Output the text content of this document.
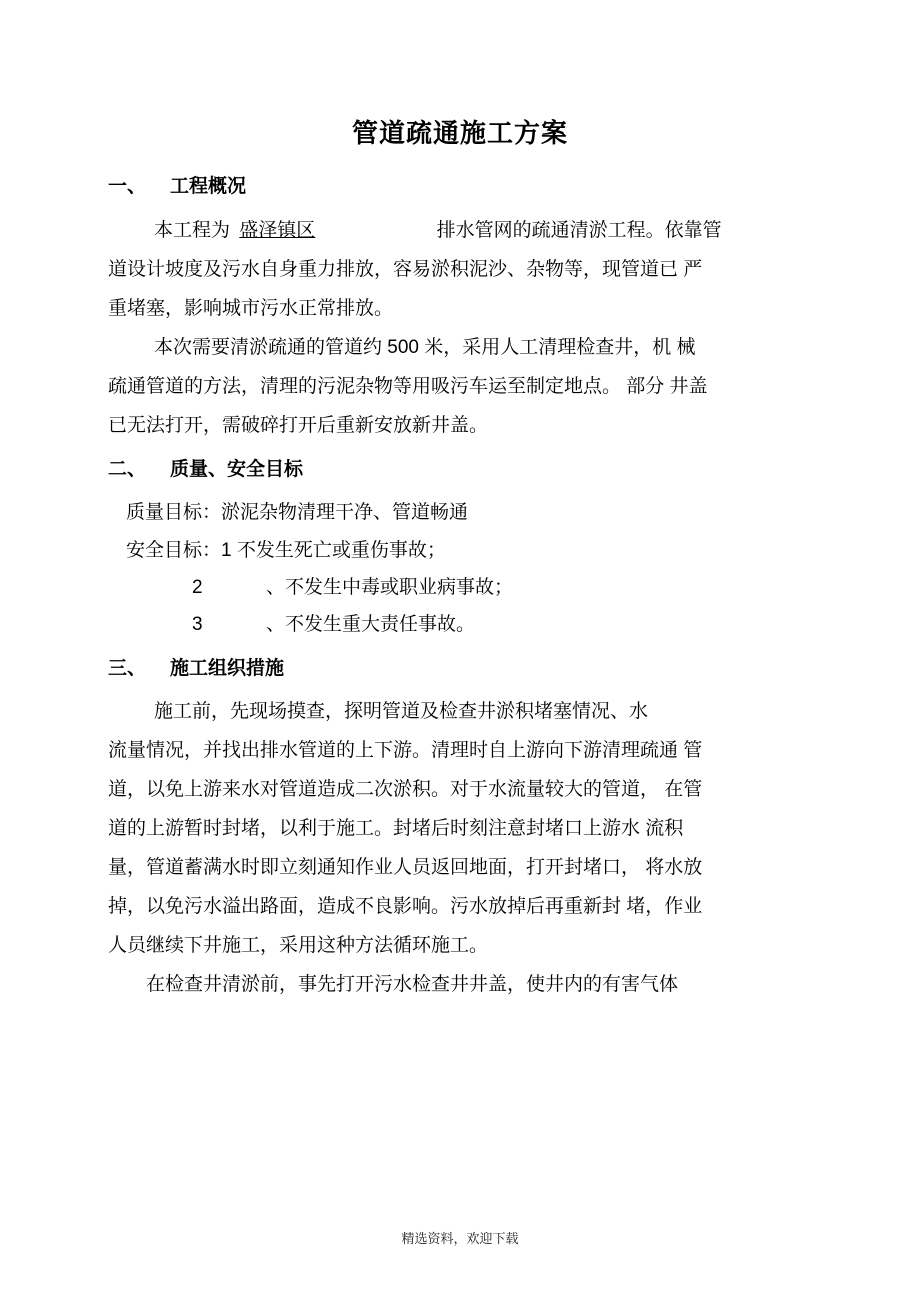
管道疏通施工方案
一、 工程概况

本工程为 盛泽镇区	排水管网的疏通清淤工程。依靠管

道设计坡度及污水自身重力排放，容易淤积泥沙、杂物等，现管道已 严

重堵塞，影响城市污水正常排放。

本次需要清淤疏通的管道约 500 米，采用人工清理检查井，机 械

疏通管道的方法，清理的污泥杂物等用吸污车运至制定地点。 部分 井盖

已无法打开，需破碎打开后重新安放新井盖。

二、 质量、安全目标

质量目标：淤泥杂物清理干净、管道畅通

安全目标：1 不发生死亡或重伤事故；

2	、不发生中毒或职业病事故；

3	、不发生重大责任事故。

三、 施工组织措施

施工前，先现场摸查，探明管道及检查井淤积堵塞情况、水

流量情况，并找出排水管道的上下游。清理时自上游向下游清理疏通 管

道，以免上游来水对管道造成二次淤积。对于水流量较大的管道， 在管

道的上游暂时封堵，以利于施工。封堵后时刻注意封堵口上游水 流积

量，管道蓄满水时即立刻通知作业人员返回地面，打开封堵口， 将水放

掉，以免污水溢出路面，造成不良影响。污水放掉后再重新封 堵，作业

人员继续下井施工，采用这种方法循环施工。

在检查井清淤前，事先打开污水检查井井盖，使井内的有害气体

精选资料，欢迎下载
